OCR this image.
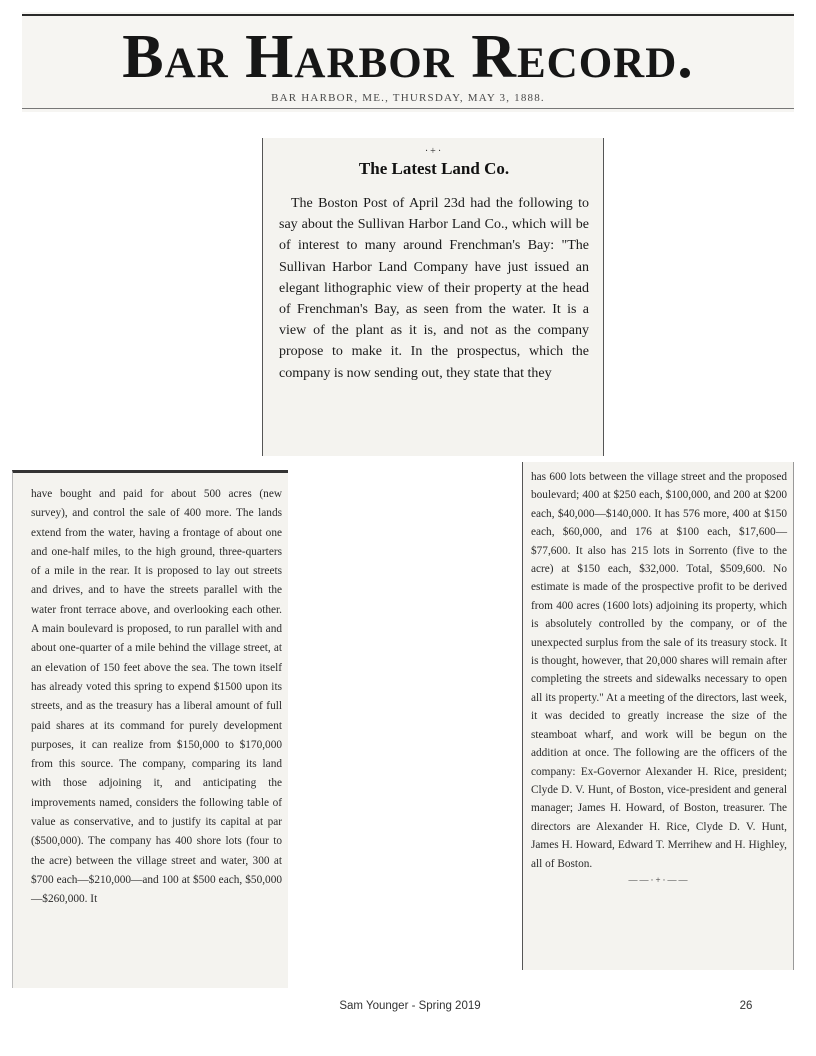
Bar Harbor Record.
BAR HARBOR, ME., THURSDAY, MAY 3, 1888.
·+·
The Latest Land Co.

The Boston Post of April 23d had the following to say about the Sullivan Harbor Land Co., which will be of interest to many around Frenchman's Bay: "The Sullivan Harbor Land Company have just issued an elegant lithographic view of their property at the head of Frenchman's Bay, as seen from the water. It is a view of the plant as it is, and not as the company propose to make it. In the prospectus, which the company is now sending out, they state that they

have bought and paid for about 500 acres (new survey), and control the sale of 400 more. The lands extend from the water, having a frontage of about one and one-half miles, to the high ground, three-quarters of a mile in the rear. It is proposed to lay out streets and drives, and to have the streets parallel with the water front terrace above, and overlooking each other. A main boulevard is proposed, to run parallel with and about one-quarter of a mile behind the village street, at an elevation of 150 feet above the sea. The town itself has already voted this spring to expend $1500 upon its streets, and as the treasury has a liberal amount of full paid shares at its command for purely development purposes, it can realize from $150,000 to $170,000 from this source. The company, comparing its land with those adjoining it, and anticipating the improvements named, considers the following table of value as conservative, and to justify its capital at par ($500,000). The company has 400 shore lots (four to the acre) between the village street and water, 300 at $700 each—$210,000—and 100 at $500 each, $50,000—$260,000. It

has 600 lots between the village street and the proposed boulevard; 400 at $250 each, $100,000, and 200 at $200 each, $40,000—$140,000. It has 576 more, 400 at $150 each, $60,000, and 176 at $100 each, $17,600—$77,600. It also has 215 lots in Sorrento (five to the acre) at $150 each, $32,000. Total, $509,600. No estimate is made of the prospective profit to be derived from 400 acres (1600 lots) adjoining its property, which is absolutely controlled by the company, or of the unexpected surplus from the sale of its treasury stock. It is thought, however, that 20,000 shares will remain after completing the streets and sidewalks necessary to open all its property." At a meeting of the directors, last week, it was decided to greatly increase the size of the steamboat wharf, and work will be begun on the addition at once. The following are the officers of the company: Ex-Governor Alexander H. Rice, president; Clyde D. V. Hunt, of Boston, vice-president and general manager; James H. Howard, of Boston, treasurer. The directors are Alexander H. Rice, Clyde D. V. Hunt, James H. Howard, Edward T. Merrihew and H. Highley, all of Boston.

——·+·——
Sam Younger - Spring 2019	26
